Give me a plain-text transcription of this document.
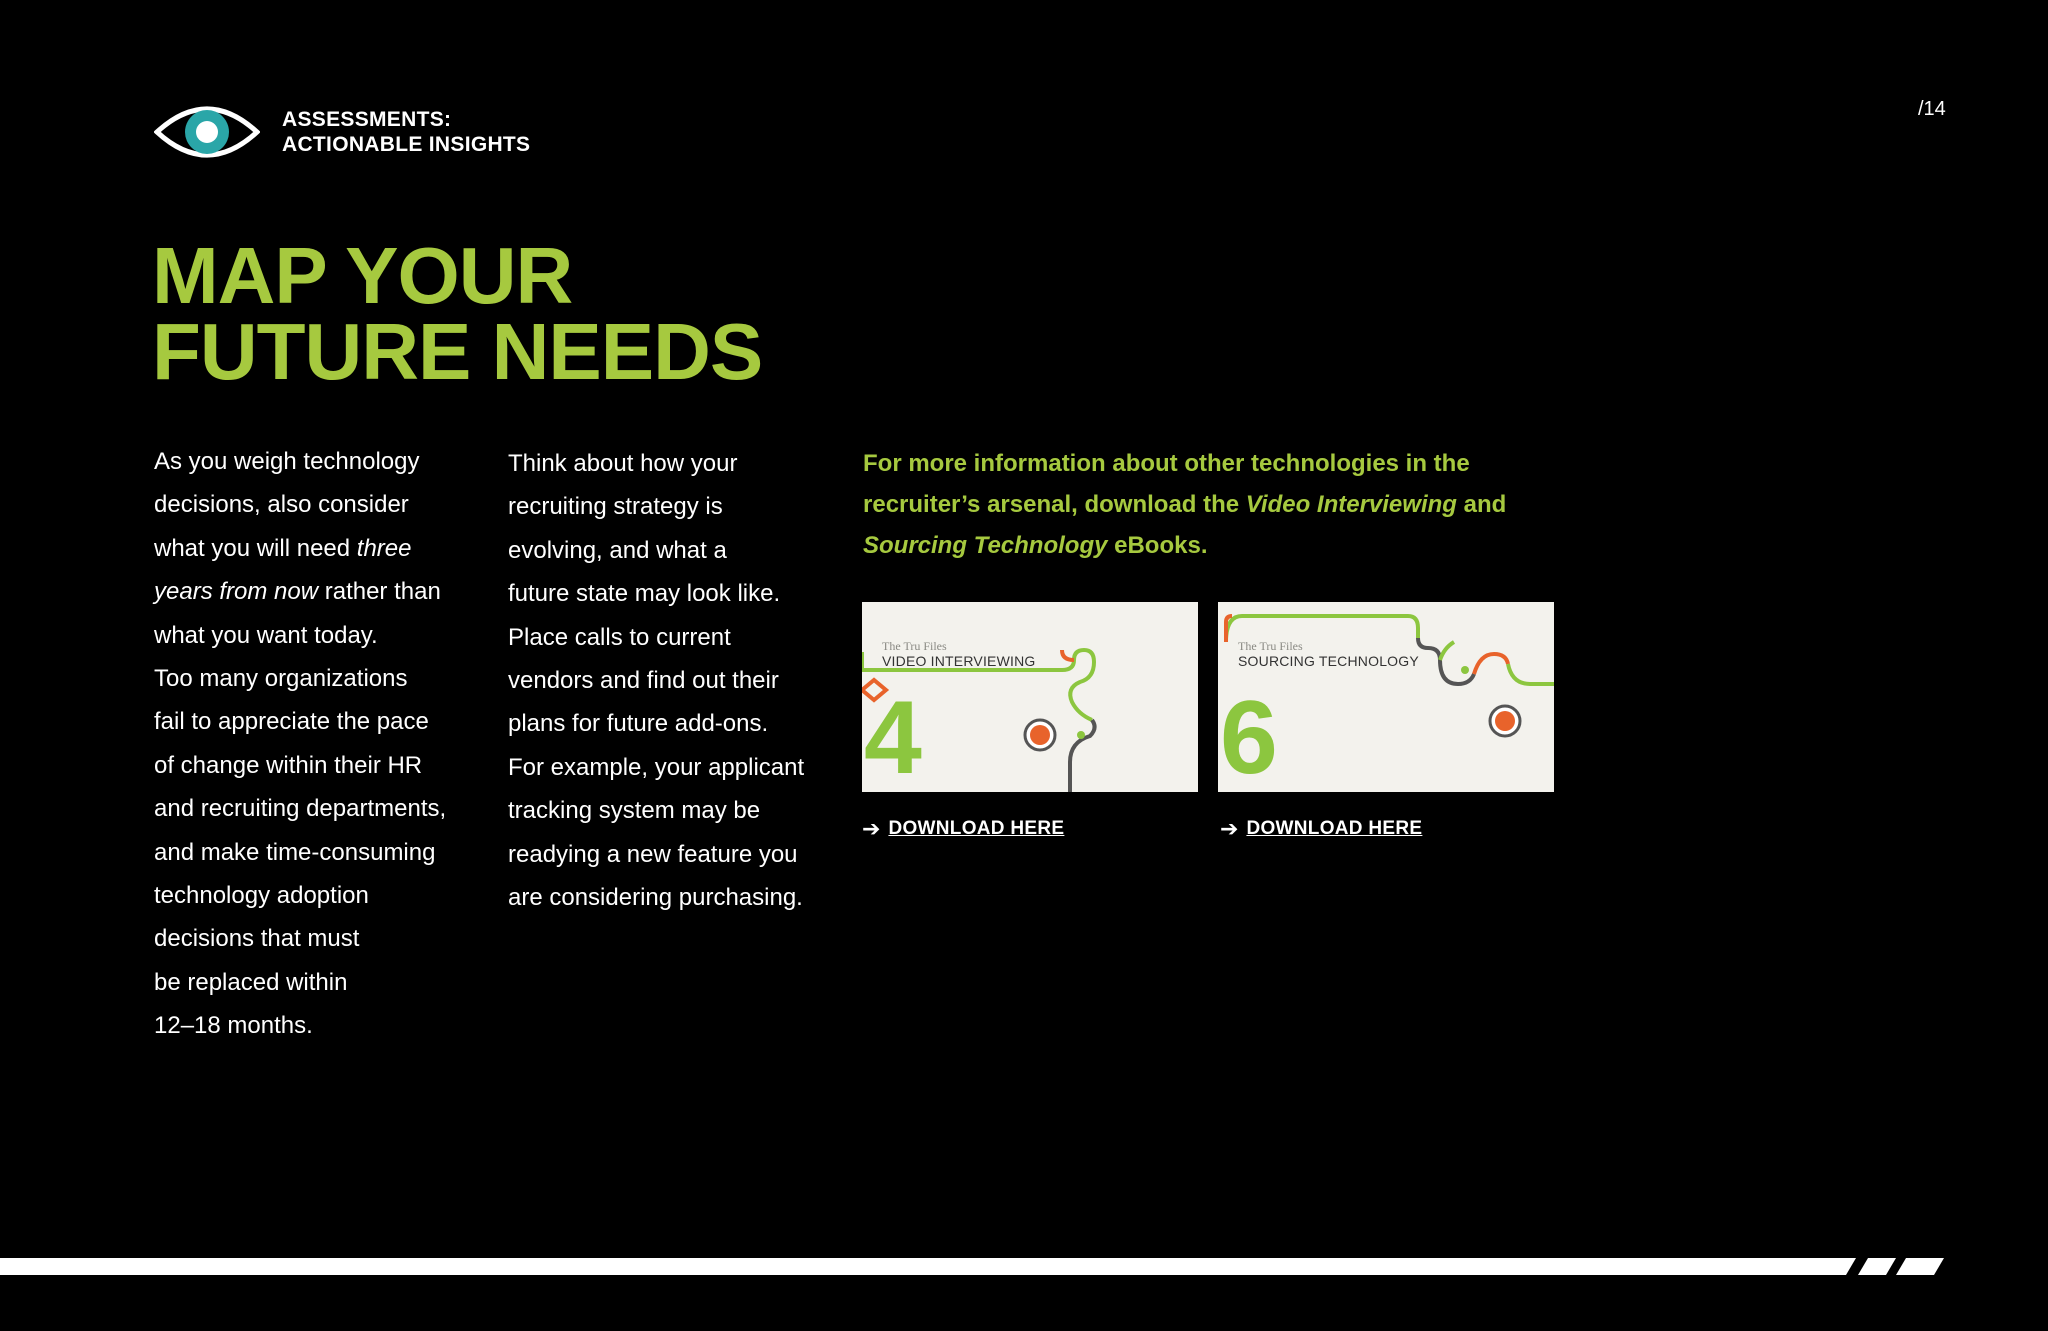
ASSESSMENTS:
ACTIONABLE INSIGHTS
/14
MAP YOUR
FUTURE NEEDS
As you weigh technology
decisions, also consider
what you will need three
years from now rather than
what you want today.
Too many organizations
fail to appreciate the pace
of change within their HR
and recruiting departments,
and make time-consuming
technology adoption
decisions that must
be replaced within
12–18 months.
Think about how your
recruiting strategy is
evolving, and what a
future state may look like.
Place calls to current
vendors and find out their
plans for future add-ons.
For example, your applicant
tracking system may be
readying a new feature you
are considering purchasing.
For more information about other technologies in the
recruiter’s arsenal, download the Video Interviewing and
Sourcing Technology eBooks.
The Tru Files
VIDEO INTERVIEWING
4
The Tru Files
SOURCING TECHNOLOGY
6
➔ DOWNLOAD HERE	➔ DOWNLOAD HERE
